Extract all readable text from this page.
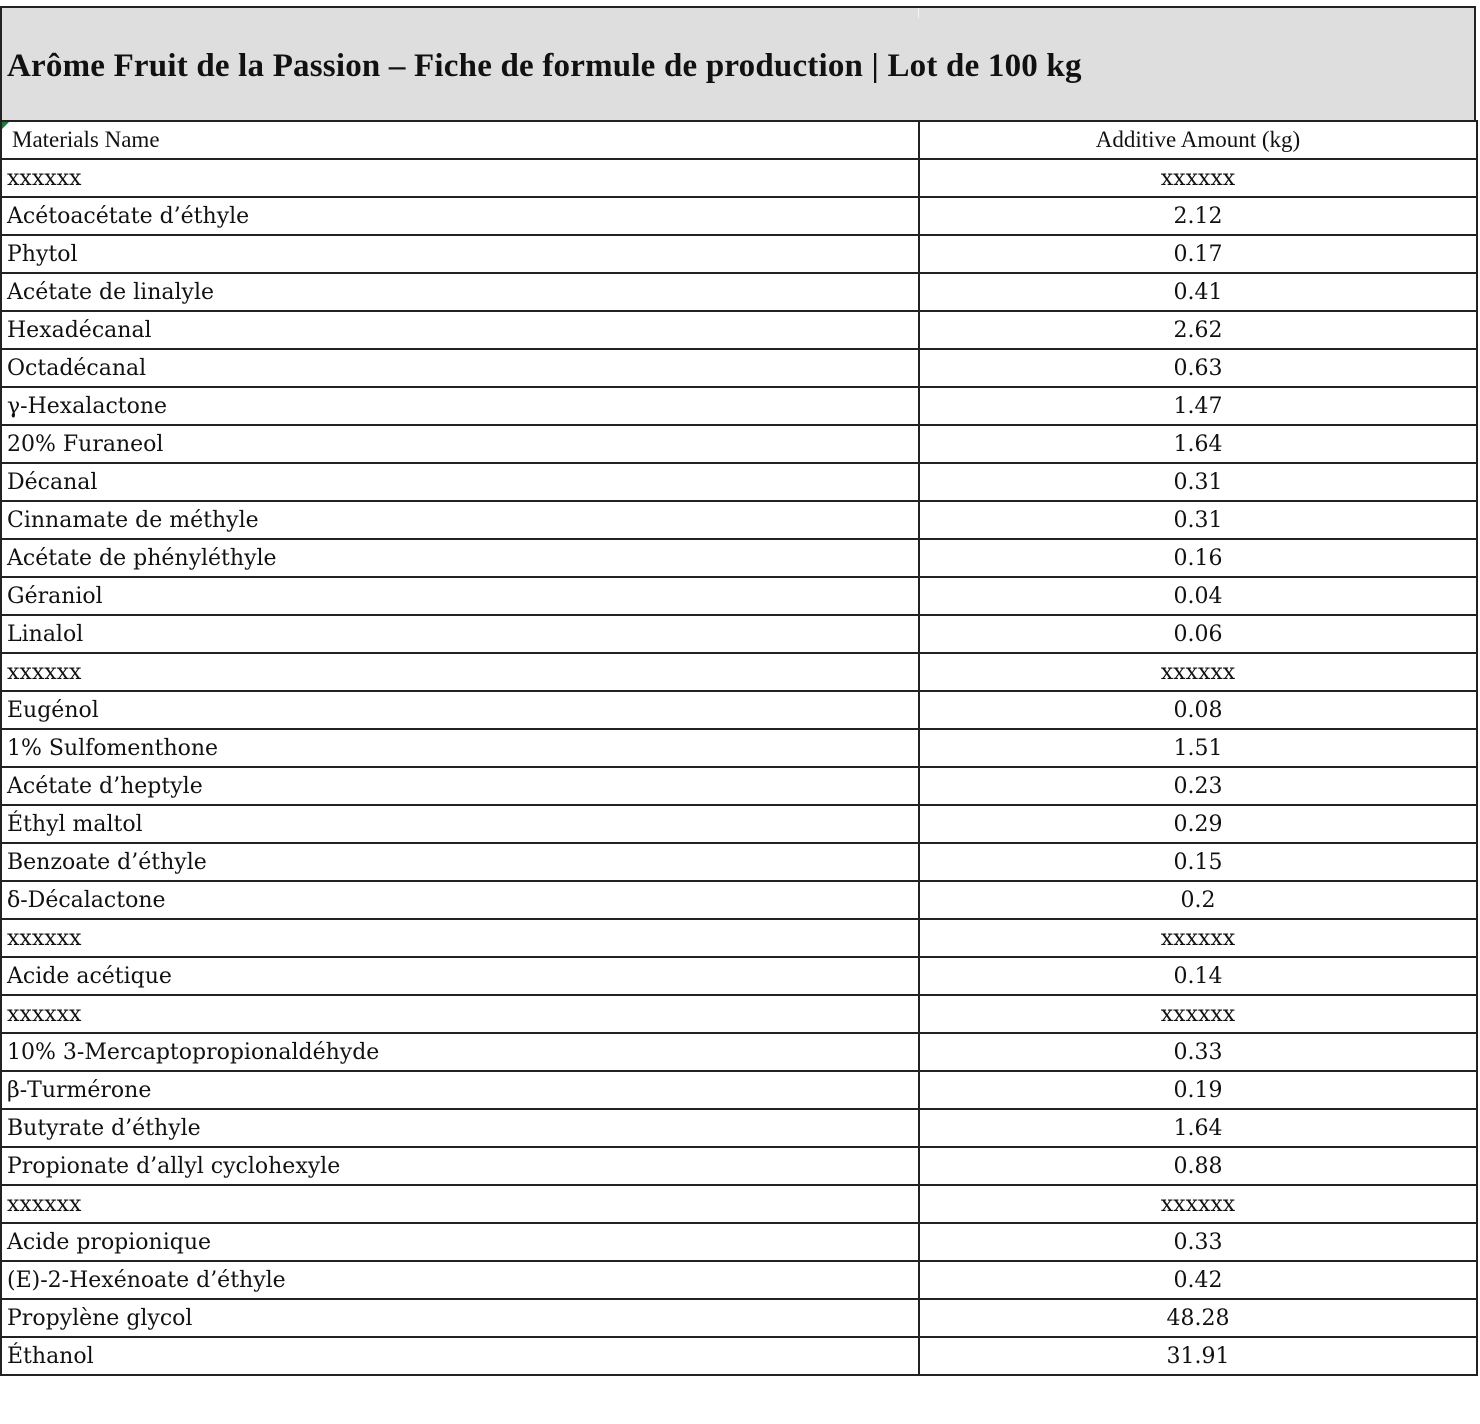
Arôme Fruit de la Passion – Fiche de formule de production | Lot de 100 kg
Materials Name	Additive Amount (kg)
xxxxxx	xxxxxx
Acétoacétate d’éthyle	2.12
Phytol	0.17
Acétate de linalyle	0.41
Hexadécanal	2.62
Octadécanal	0.63
γ-Hexalactone	1.47
20% Furaneol	1.64
Décanal	0.31
Cinnamate de méthyle	0.31
Acétate de phényléthyle	0.16
Géraniol	0.04
Linalol	0.06
xxxxxx	xxxxxx
Eugénol	0.08
1% Sulfomenthone	1.51
Acétate d’heptyle	0.23
Éthyl maltol	0.29
Benzoate d’éthyle	0.15
δ-Décalactone	0.2
xxxxxx	xxxxxx
Acide acétique	0.14
xxxxxx	xxxxxx
10% 3-Mercaptopropionaldéhyde	0.33
β-Turmérone	0.19
Butyrate d’éthyle	1.64
Propionate d’allyl cyclohexyle	0.88
xxxxxx	xxxxxx
Acide propionique	0.33
(E)-2-Hexénoate d’éthyle	0.42
Propylène glycol	48.28
Éthanol	31.91
